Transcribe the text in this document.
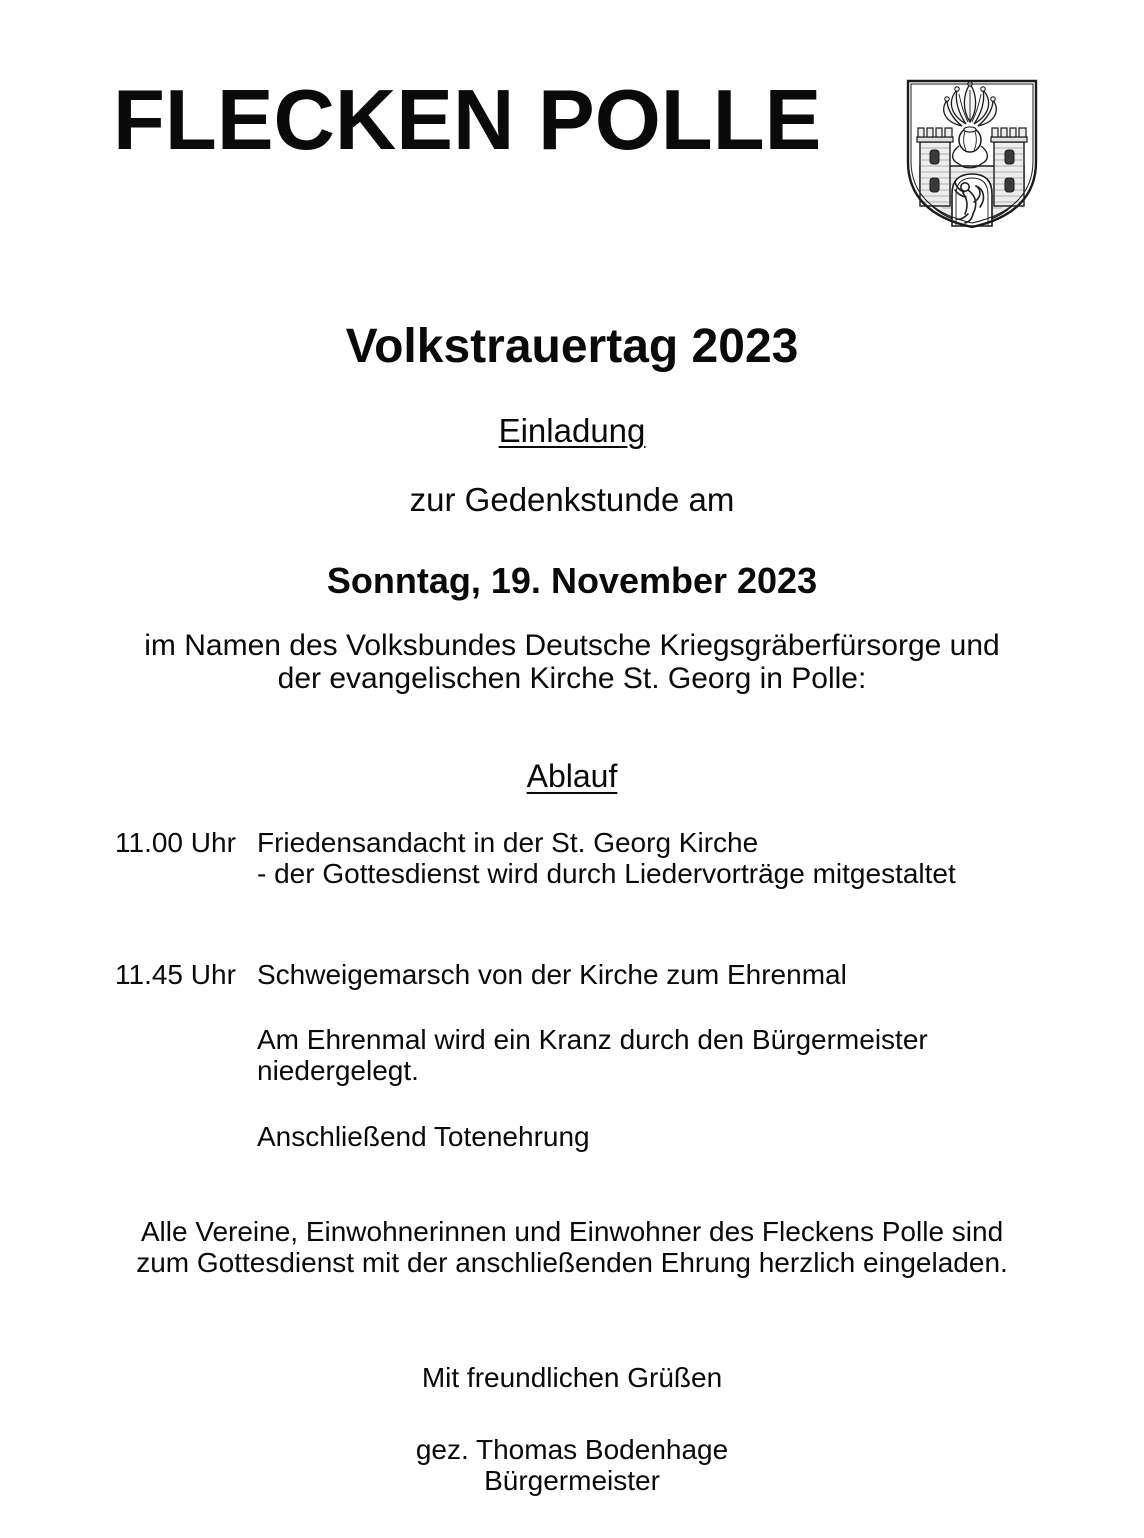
FLECKEN POLLE
Volkstrauertag 2023
Einladung
zur Gedenkstunde am
Sonntag, 19. November 2023
im Namen des Volksbundes Deutsche Kriegsgräberfürsorge und
der evangelischen Kirche St. Georg in Polle:
Ablauf
11.00 Uhr Friedensandacht in der St. Georg Kirche
- der Gottesdienst wird durch Liedervorträge mitgestaltet
11.45 Uhr Schweigemarsch von der Kirche zum Ehrenmal
Am Ehrenmal wird ein Kranz durch den Bürgermeister
niedergelegt.
Anschließend Totenehrung
Alle Vereine, Einwohnerinnen und Einwohner des Fleckens Polle sind
zum Gottesdienst mit der anschließenden Ehrung herzlich eingeladen.
Mit freundlichen Grüßen
gez. Thomas Bodenhage
Bürgermeister
